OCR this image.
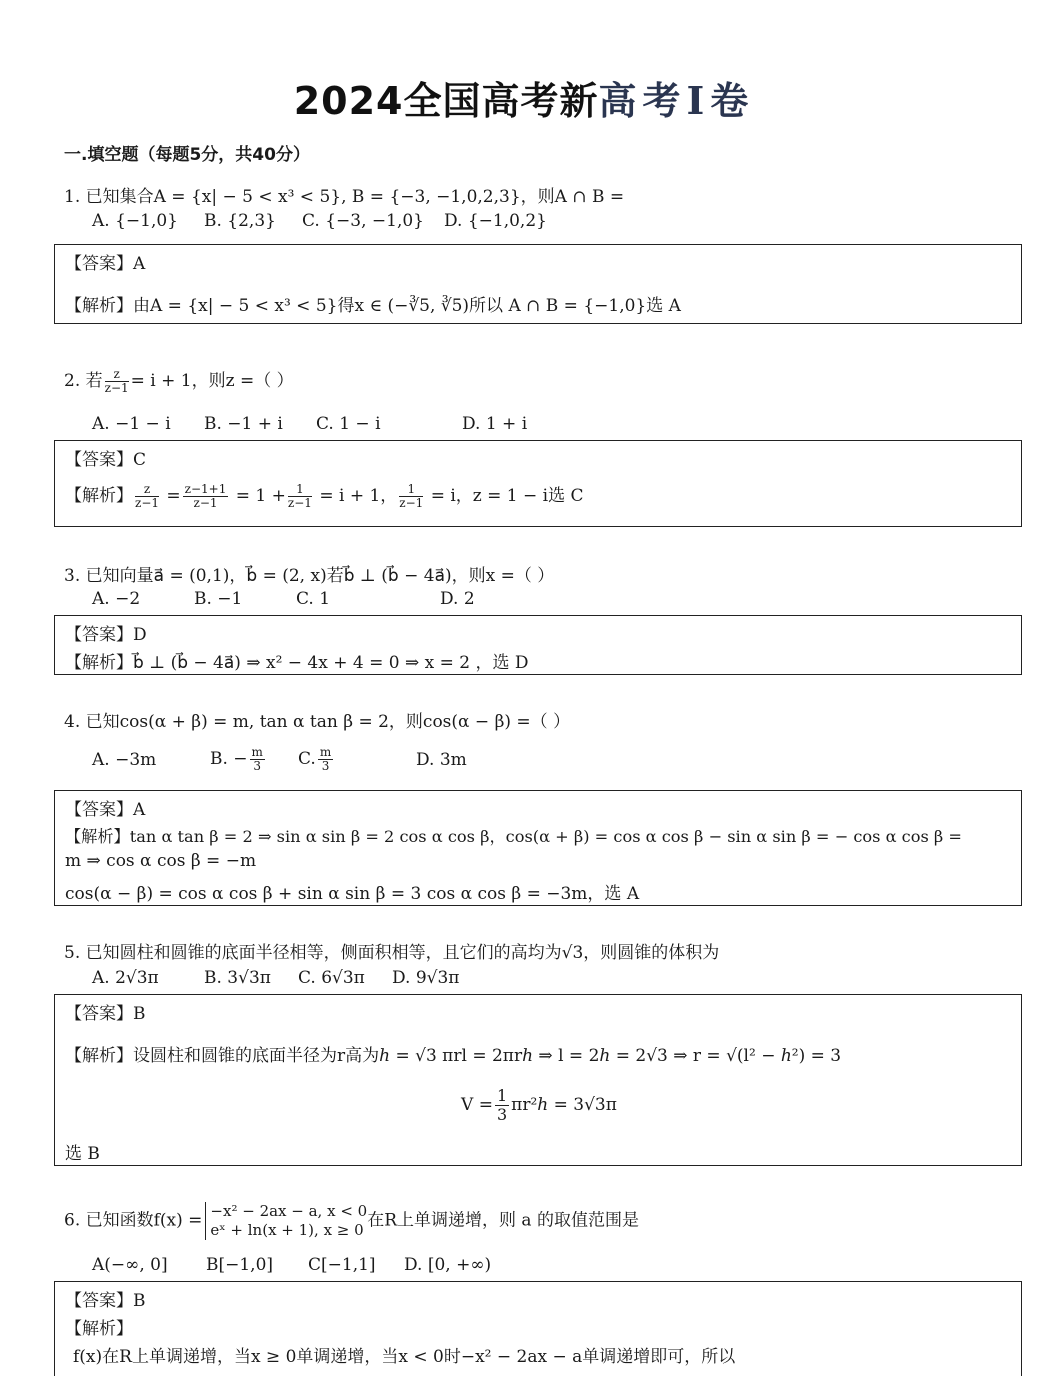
2024全国高考新高考Ⅰ卷
一.填空题（每题5分，共40分）
1. 已知集合A = {x| − 5 < x³ < 5}, B = {−3, −1,0,2,3}，则A ∩ B =
A. {−1,0} B. {2,3} C. {−3, −1,0} D. {−1,0,2}
【答案】A
【解析】由A = {x| − 5 < x³ < 5}得x ∈ (−∛5, ∛5)所以 A ∩ B = {−1,0}选 A
2. 若 $\frac{z}{z-1} = i + 1$，则z =（ ）
A. −1 − i B. −1 + i C. 1 − i	D. 1 + i
【答案】C
【解析】 $\frac{z}{z-1} = \frac{z-1+1}{z-1} = 1 + \frac{1}{z-1} = i + 1$， $\frac{1}{z-1} = i$，z = 1 − i选 C
3. 已知向量a⃗ = (0,1)，b⃗ = (2, x)若b⃗ ⊥ (b⃗ − 4a⃗)，则x =（ ）
A. −2	B. −1	C. 1	D. 2
【答案】D
【解析】b⃗ ⊥ (b⃗ − 4a⃗) ⇒ x² − 4x + 4 = 0 ⇒ x = 2 ，选 D
4. 已知cos(α + β) = m, tan α tan β = 2，则cos(α − β) =（ ）
A. −3m	B. − $\frac{m}{3} C$. $\frac{m}{3}$	D. 3m
【答案】A
【解析】tan α tan β = 2 ⇒ sin α sin β = 2 cos α cos β，cos(α + β) = cos α cos β − sin α sin β = − cos α cos β =
m ⇒ cos α cos β = −m
cos(α − β) = cos α cos β + sin α sin β = 3 cos α cos β = −3m，选 A
5. 已知圆柱和圆锥的底面半径相等，侧面积相等，且它们的高均为√3，则圆锥的体积为
A. 2√3π	B. 3√3π C. 6√3π D. 9√3π
【答案】B
【解析】设圆柱和圆锥的底面半径为r高为ℎ = √3 πrl = 2πrℎ ⇒ l = 2ℎ = 2√3 ⇒ r = √(l² − ℎ²) = 3
$V = \frac{1}{3}$ πr²ℎ = 3√3π
选 B
6. 已知函数f(x) = −x² − 2ax − a, x < 0
eˣ + ln(x + 1), x ≥ 0 在R上单调递增，则 a 的取值范围是
A(−∞, 0] B[−1,0] C[−1,1] D. [0, +∞)
【答案】B
【解析】
f(x)在R上单调递增，当x ≥ 0单调递增，当x < 0时−x² − 2ax − a单调递增即可，所以
